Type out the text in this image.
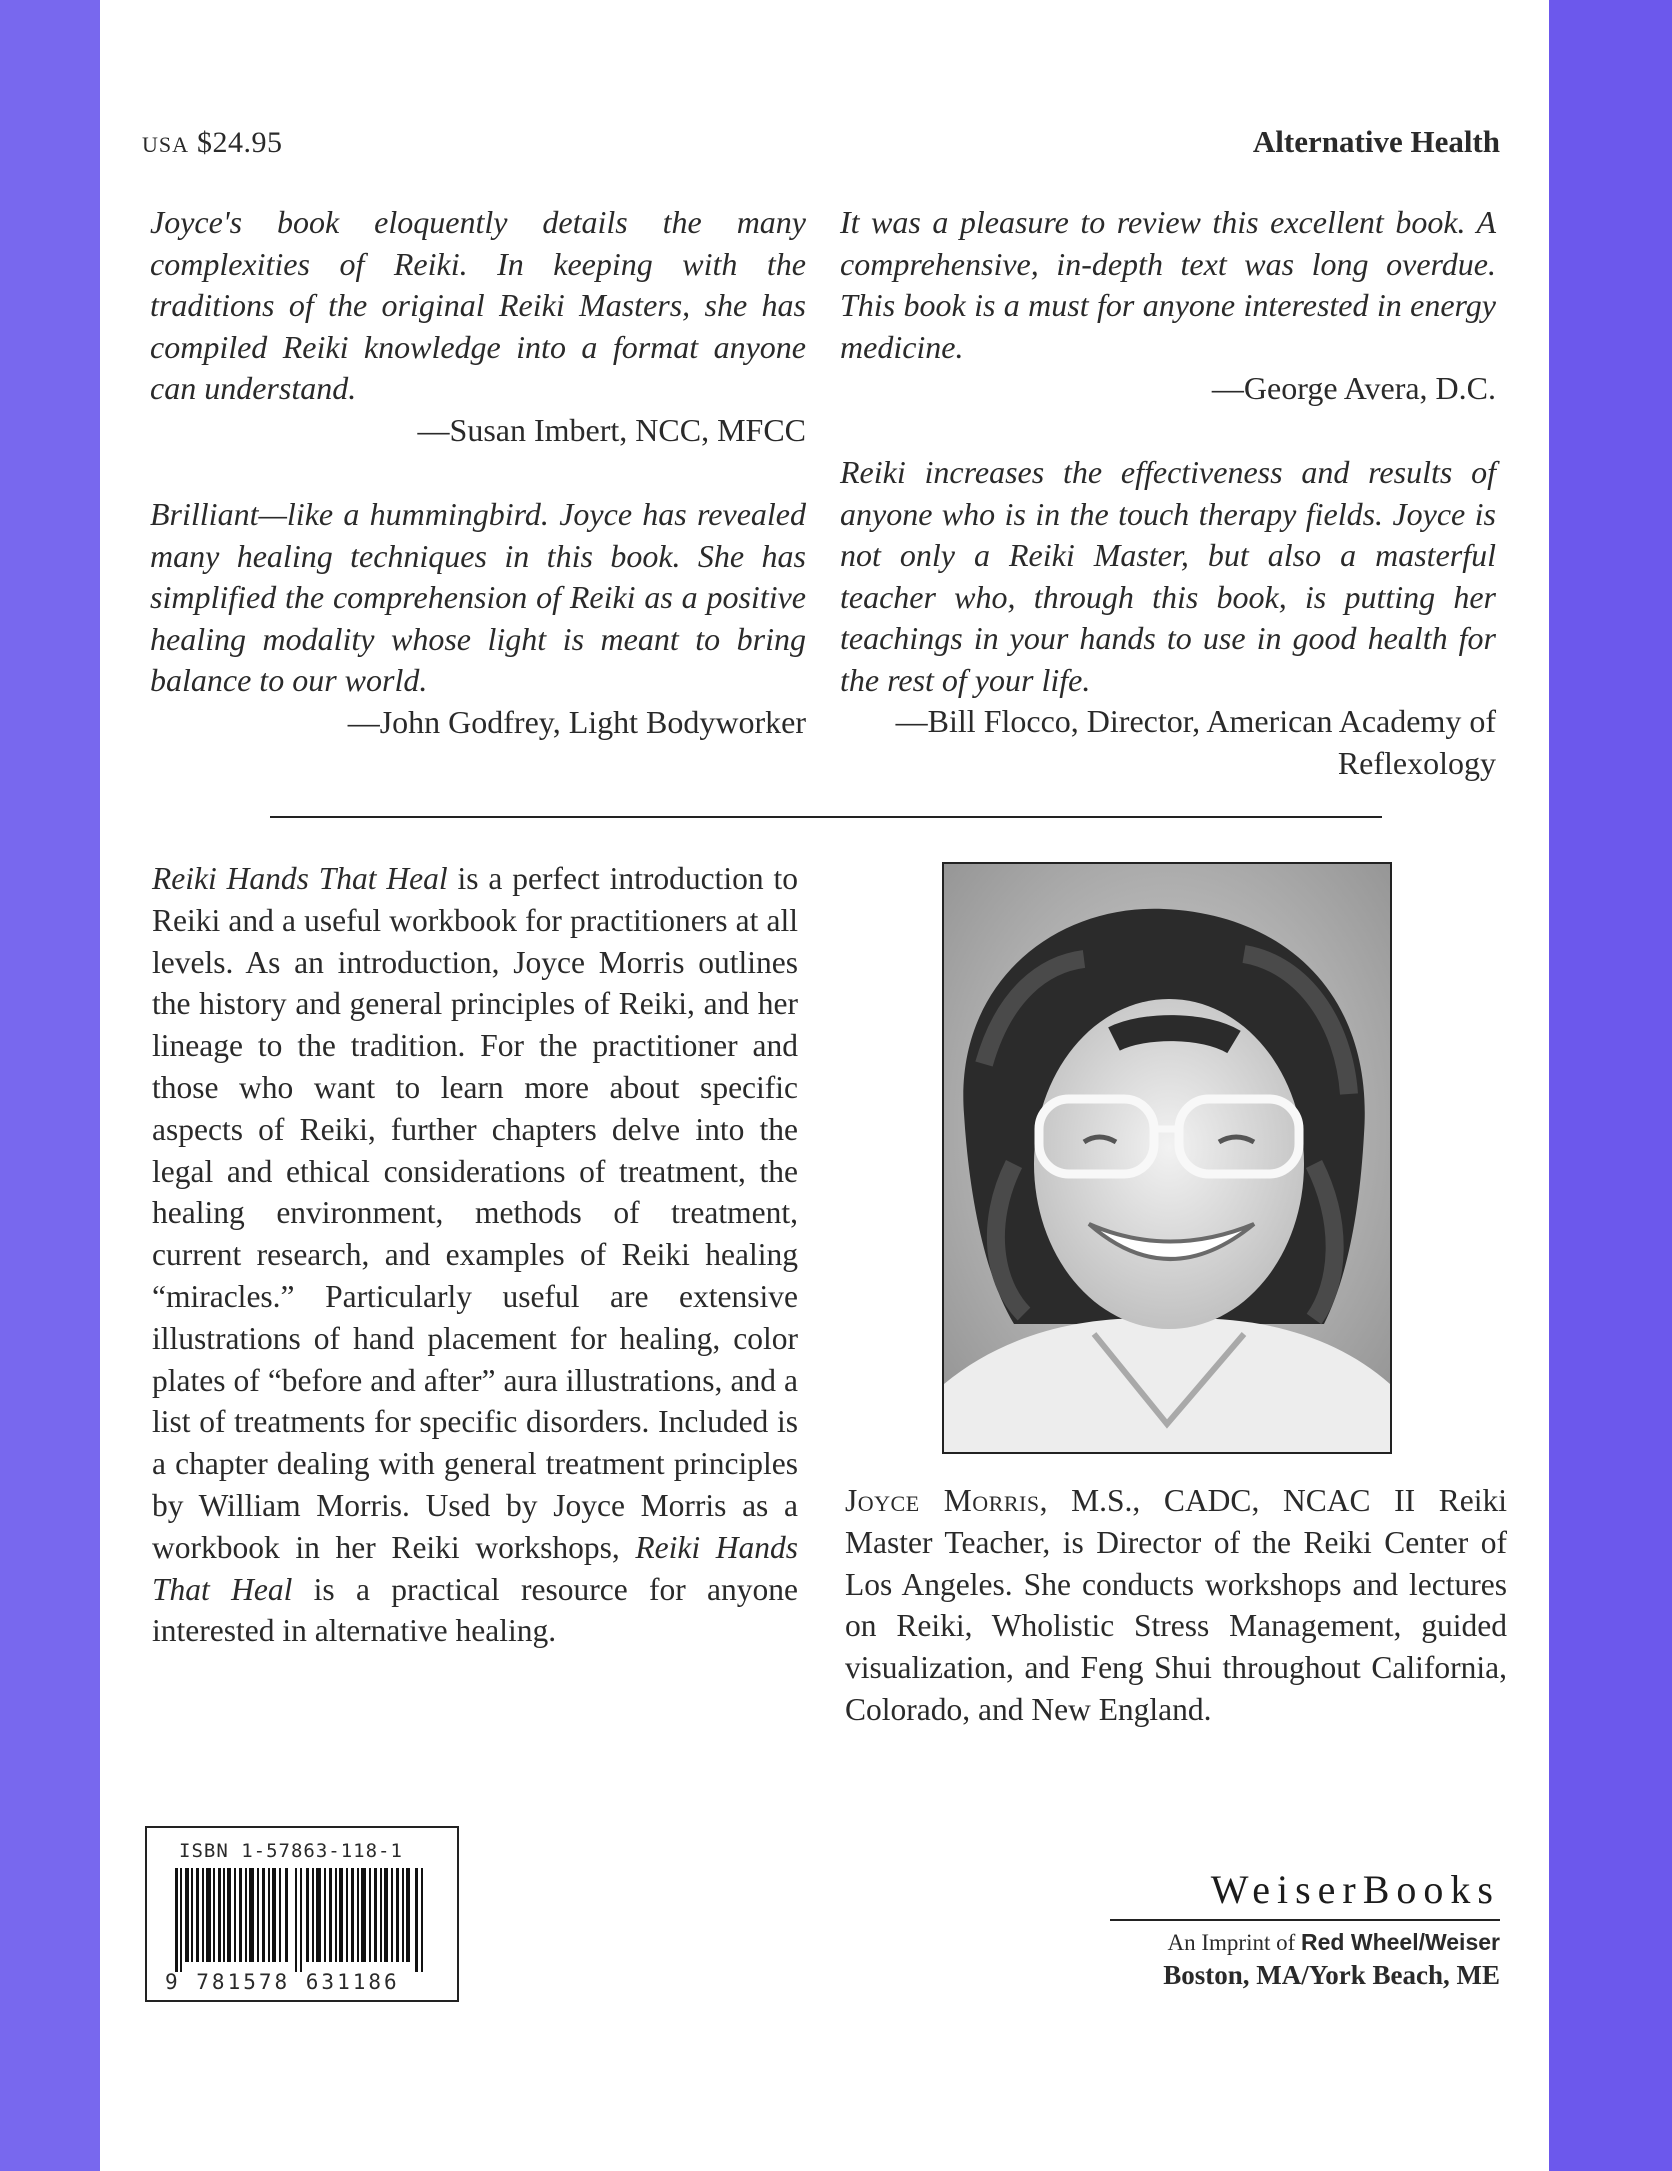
USA $24.95	Alternative Health
Joyce's book eloquently details the many complexities of Reiki. In keeping with the traditions of the original Reiki Masters, she has compiled Reiki knowledge into a format anyone can understand.
—Susan Imbert, NCC, MFCC
It was a pleasure to review this excellent book. A comprehensive, in-depth text was long overdue. This book is a must for anyone interested in energy medicine.
—George Avera, D.C.
Brilliant—like a hummingbird. Joyce has revealed many healing techniques in this book. She has simplified the comprehension of Reiki as a positive healing modality whose light is meant to bring balance to our world.
—John Godfrey, Light Bodyworker
Reiki increases the effectiveness and results of anyone who is in the touch therapy fields. Joyce is not only a Reiki Master, but also a masterful teacher who, through this book, is putting her teachings in your hands to use in good health for the rest of your life.
—Bill Flocco, Director, American Academy of Reflexology
Reiki Hands That Heal is a perfect introduction to Reiki and a useful workbook for practitioners at all levels. As an introduction, Joyce Morris outlines the history and general principles of Reiki, and her lineage to the tradition. For the practitioner and those who want to learn more about specific aspects of Reiki, further chapters delve into the legal and ethical considerations of treatment, the healing environment, methods of treatment, current research, and examples of Reiki healing “miracles.” Particularly useful are extensive illustrations of hand placement for healing, color plates of “before and after” aura illustrations, and a list of treatments for specific disorders. Included is a chapter dealing with general treatment principles by William Morris. Used by Joyce Morris as a workbook in her Reiki workshops, Reiki Hands That Heal is a practical resource for anyone interested in alternative healing.
Joyce Morris, M.S., CADC, NCAC II Reiki Master Teacher, is Director of the Reiki Center of Los Angeles. She conducts workshops and lectures on Reiki, Wholistic Stress Management, guided visualization, and Feng Shui throughout California, Colorado, and New England.
ISBN 1-57863-118-1
9 781578 631186
WeiserBooks
An Imprint of Red Wheel/Weiser
Boston, MA/York Beach, ME
